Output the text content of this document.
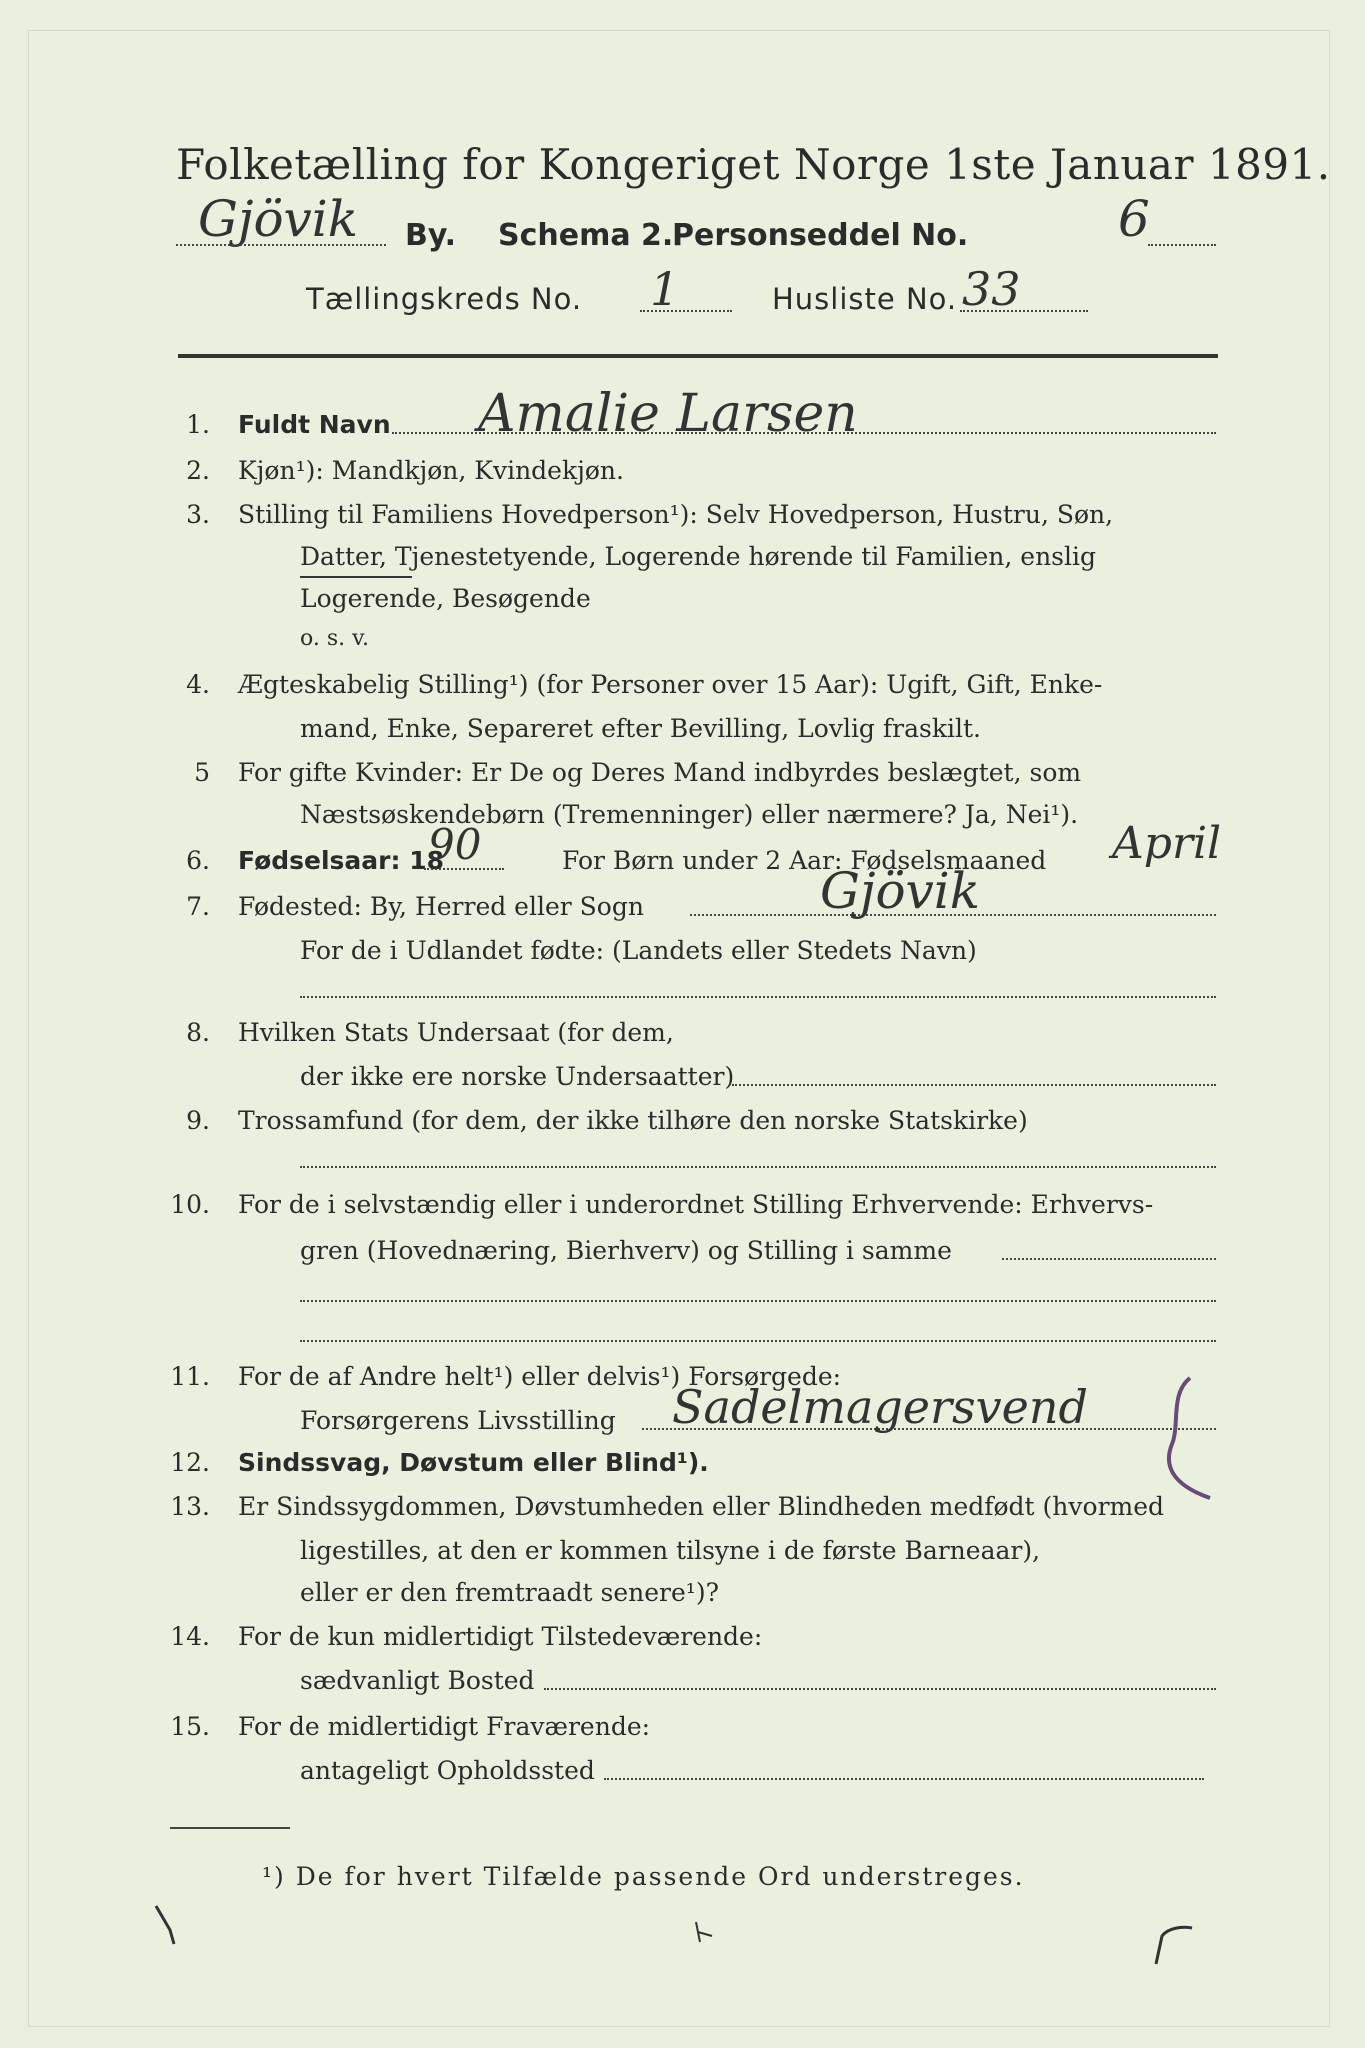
Folketælling for Kongeriget Norge 1ste Januar 1891.
Gjövik By. Schema 2.
Personseddel No.	6
Tællingskreds No. 1	Husliste No. 33
1. Fuldt Navn Amalie Larsen
2. Kjøn¹): Mandkjøn, Kvindekjøn.
3. Stilling til Familiens Hovedperson¹): Selv Hovedperson, Hustru, Søn,
Datter, Tjenestetyende, Logerende hørende til Familien, enslig
Logerende, Besøgende
o. s. v.
4. Ægteskabelig Stilling¹) (for Personer over 15 Aar): Ugift, Gift, Enke-
mand, Enke, Separeret efter Bevilling, Lovlig fraskilt.
5 For gifte Kvinder: Er De og Deres Mand indbyrdes beslægtet, som
Næstsøskendebørn (Tremenninger) eller nærmere? Ja, Nei¹).
6. Fødselsaar: 18
90	For Børn under 2 Aar: Fødselsmaaned April
7. Fødested: By, Herred eller Sogn	Gjövik
For de i Udlandet fødte: (Landets eller Stedets Navn)
8. Hvilken Stats Undersaat (for dem,
der ikke ere norske Undersaatter)
9. Trossamfund (for dem, der ikke tilhøre den norske Statskirke)
10. For de i selvstændig eller i underordnet Stilling Erhvervende: Erhvervs-
gren (Hovednæring, Bierhverv) og Stilling i samme
11. For de af Andre helt¹) eller delvis¹) Forsørgede:
Forsørgerens Livsstilling Sadelmagersvend
12. Sindssvag, Døvstum eller Blind¹).
13. Er Sindssygdommen, Døvstumheden eller Blindheden medfødt (hvormed
ligestilles, at den er kommen tilsyne i de første Barneaar),
eller er den fremtraadt senere¹)?
14. For de kun midlertidigt Tilstedeværende:
sædvanligt Bosted
15. For de midlertidigt Fraværende:
antageligt Opholdssted
¹) De for hvert Tilfælde passende Ord understreges.
